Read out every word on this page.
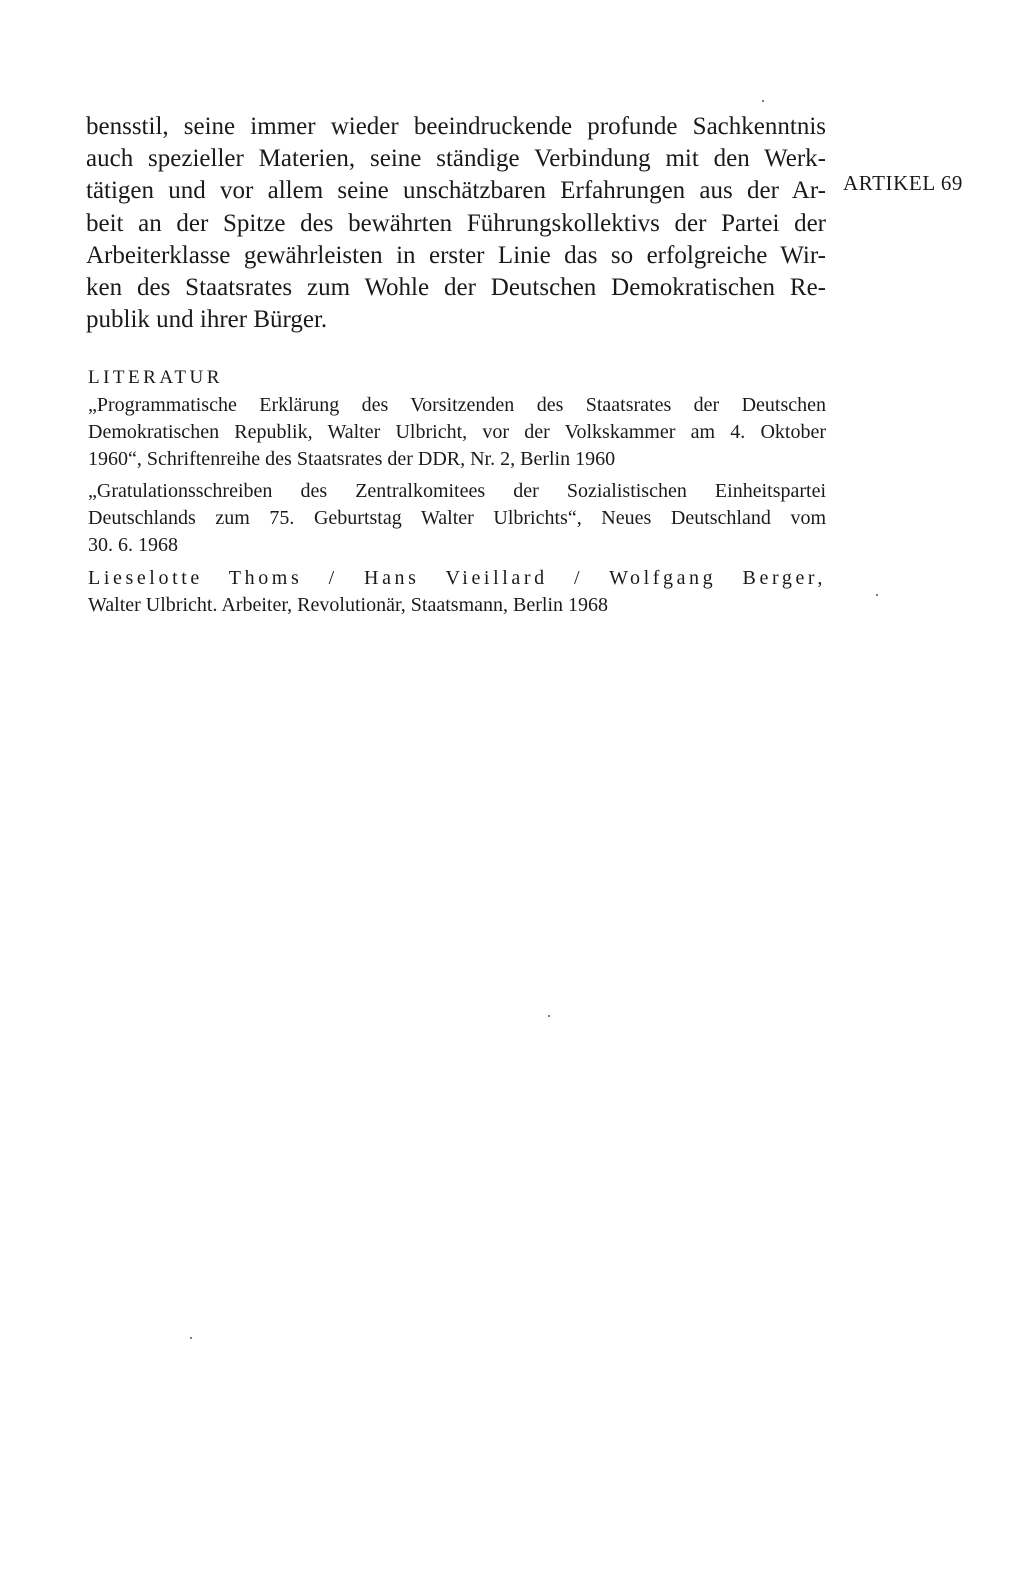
bensstil, seine immer wieder beeindruckende profunde Sachkenntnis
auch spezieller Materien, seine ständige Verbindung mit den Werk-
tätigen und vor allem seine unschätzbaren Erfahrungen aus der Ar-
beit an der Spitze des bewährten Führungskollektivs der Partei der
Arbeiterklasse gewährleisten in erster Linie das so erfolgreiche Wir-
ken des Staatsrates zum Wohle der Deutschen Demokratischen Re-
publik und ihrer Bürger.
ARTIKEL 69
LITERATUR
„Programmatische Erklärung des Vorsitzenden des Staatsrates der Deutschen
Demokratischen Republik, Walter Ulbricht, vor der Volkskammer am 4. Oktober
1960“, Schriftenreihe des Staatsrates der DDR, Nr. 2, Berlin 1960
„Gratulationsschreiben des Zentralkomitees der Sozialistischen Einheitspartei
Deutschlands zum 75. Geburtstag Walter Ulbrichts“, Neues Deutschland vom
30. 6. 1968
Lieselotte Thoms / Hans Vieillard / Wolfgang Berger,
Walter Ulbricht. Arbeiter, Revolutionär, Staatsmann, Berlin 1968
